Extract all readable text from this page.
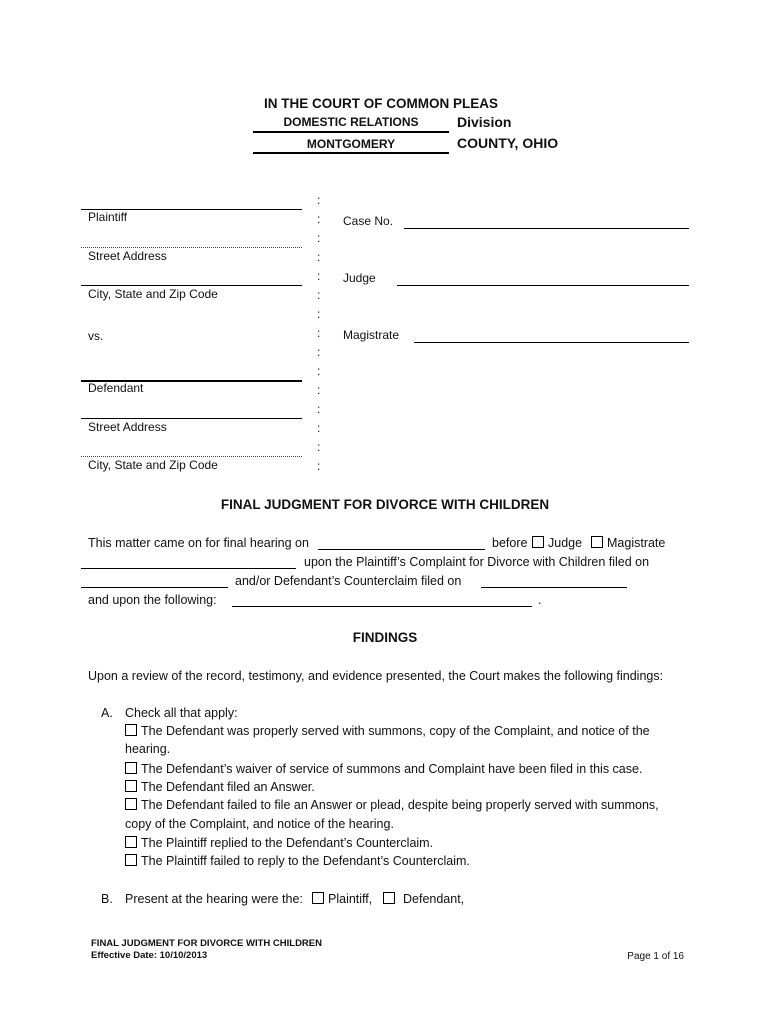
IN THE COURT OF COMMON PLEAS
DOMESTIC RELATIONS	Division
MONTGOMERY	COUNTY, OHIO
Plaintiff
Street Address
City, State and Zip Code
vs.
Defendant
Street Address
City, State and Zip Code
:
:
:
:
:
:
:
:
:
:
:
:
:
:
:
Case No.
Judge
Magistrate
FINAL JUDGMENT FOR DIVORCE WITH CHILDREN
This matter came on for final hearing on	before	Judge	Magistrate
upon the Plaintiff’s Complaint for Divorce with Children filed on
and/or Defendant’s Counterclaim filed on
and upon the following:	.
FINDINGS
Upon a review of the record, testimony, and evidence presented, the Court makes the following findings:
A. Check all that apply:
The Defendant was properly served with summons, copy of the Complaint, and notice of the
hearing.
The Defendant’s waiver of service of summons and Complaint have been filed in this case.
The Defendant filed an Answer.
The Defendant failed to file an Answer or plead, despite being properly served with summons,
copy of the Complaint, and notice of the hearing.
The Plaintiff replied to the Defendant’s Counterclaim.
The Plaintiff failed to reply to the Defendant’s Counterclaim.
B. Present at the hearing were the:	Plaintiff,	Defendant,
FINAL JUDGMENT FOR DIVORCE WITH CHILDREN
Effective Date: 10/10/2013	Page 1 of 16
